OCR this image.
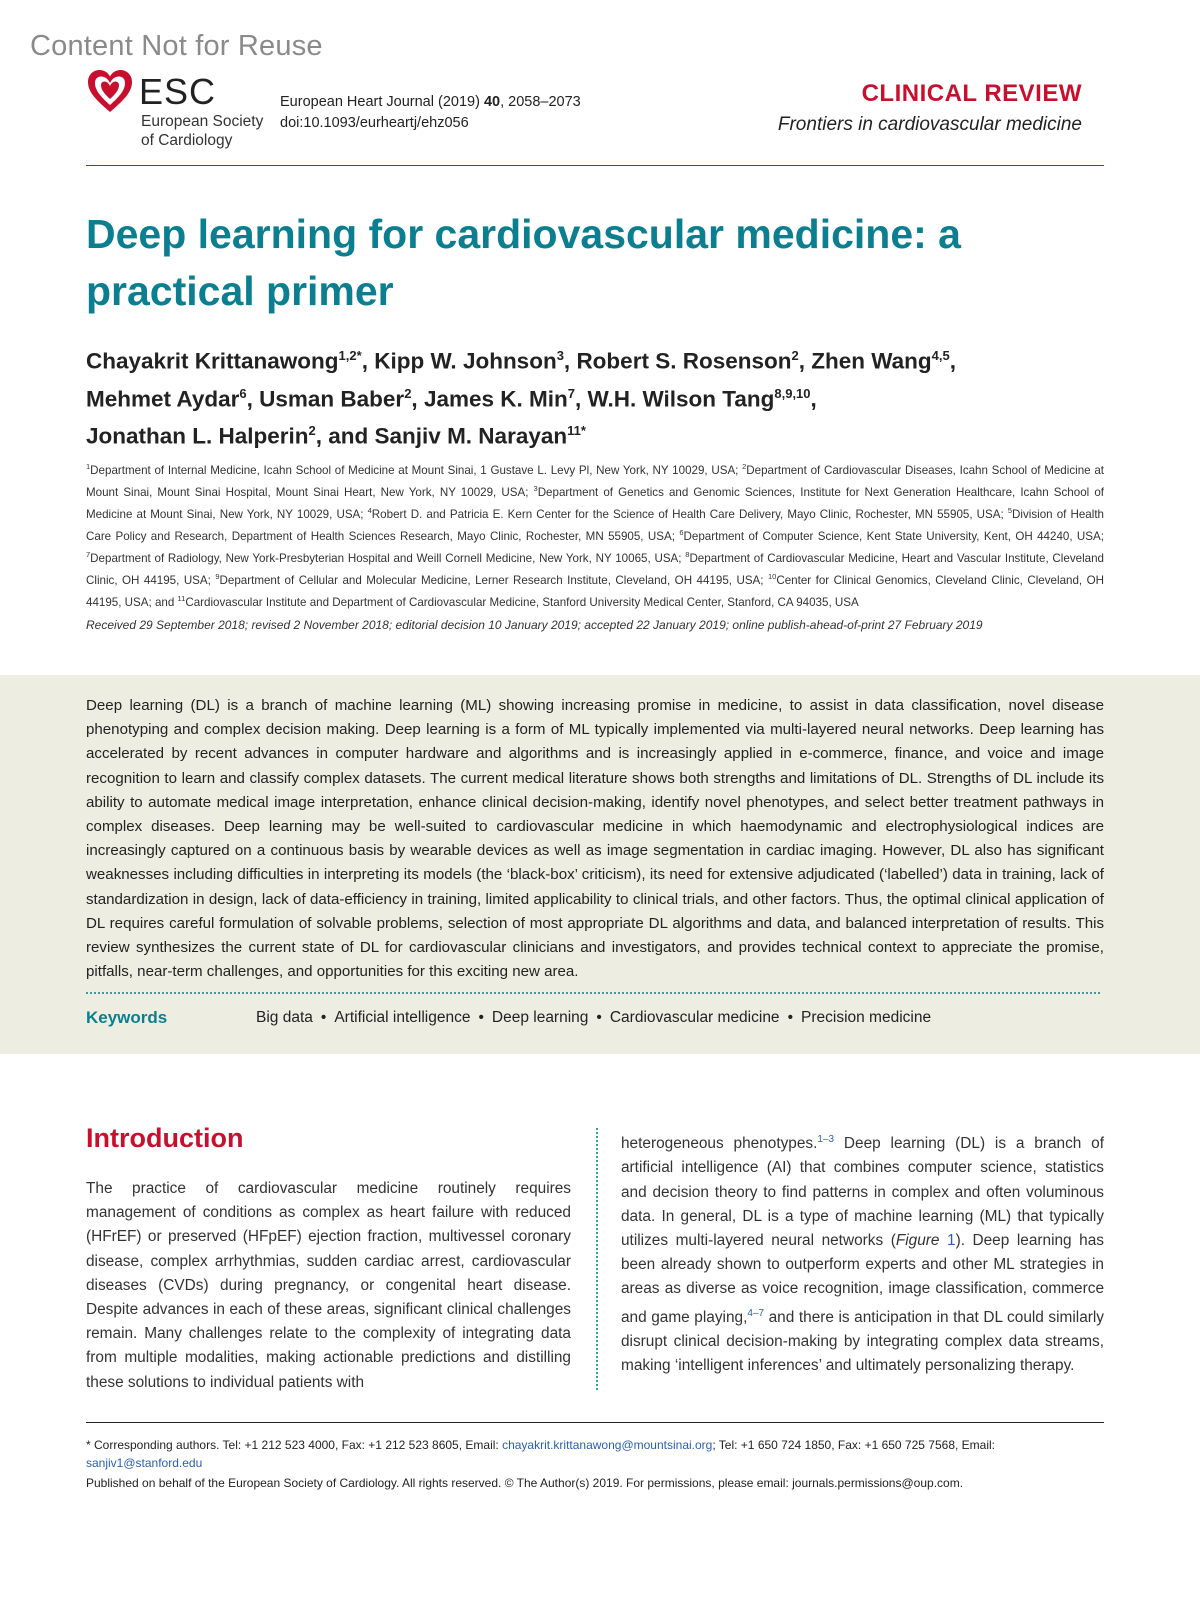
Content Not for Reuse
ESC
European Society
of Cardiology
European Heart Journal (2019) 40, 2058–2073
doi:10.1093/eurheartj/ehz056
CLINICAL REVIEW
Frontiers in cardiovascular medicine
Deep learning for cardiovascular medicine: a practical primer
Chayakrit Krittanawong$^{1,2*}$, Kipp W. Johnson$^3$, Robert S. Rosenson$^2$, Zhen Wang$^{4,5}$,
Mehmet Aydar$^6$, Usman Baber$^2$, James K. Min$^7$, W.H. Wilson Tang$^{8,9,10}$,
Jonathan L. Halperin$^2$, and Sanjiv M. Narayan$^{11*}$
$^1$Department of Internal Medicine, Icahn School of Medicine at Mount Sinai, 1 Gustave L. Levy Pl, New York, NY 10029, USA; $^2$Department of Cardiovascular Diseases, Icahn School of Medicine at Mount Sinai, Mount Sinai Hospital, Mount Sinai Heart, New York, NY 10029, USA; $^3$Department of Genetics and Genomic Sciences, Institute for Next Generation Healthcare, Icahn School of Medicine at Mount Sinai, New York, NY 10029, USA; $^4$Robert D. and Patricia E. Kern Center for the Science of Health Care Delivery, Mayo Clinic, Rochester, MN 55905, USA; $^5$Division of Health Care Policy and Research, Department of Health Sciences Research, Mayo Clinic, Rochester, MN 55905, USA; $^6$Department of Computer Science, Kent State University, Kent, OH 44240, USA; $^7$Department of Radiology, New York-Presbyterian Hospital and Weill Cornell Medicine, New York, NY 10065, USA; $^8$Department of Cardiovascular Medicine, Heart and Vascular Institute, Cleveland Clinic, OH 44195, USA; $^9$Department of Cellular and Molecular Medicine, Lerner Research Institute, Cleveland, OH 44195, USA; $^{10}$Center for Clinical Genomics, Cleveland Clinic, Cleveland, OH 44195, USA; and $^{11}$Cardiovascular Institute and Department of Cardiovascular Medicine, Stanford University Medical Center, Stanford, CA 94035, USA
Received 29 September 2018; revised 2 November 2018; editorial decision 10 January 2019; accepted 22 January 2019; online publish-ahead-of-print 27 February 2019
Deep learning (DL) is a branch of machine learning (ML) showing increasing promise in medicine, to assist in data classification, novel disease phenotyping and complex decision making. Deep learning is a form of ML typically implemented via multi-layered neural networks. Deep learning has accelerated by recent advances in computer hardware and algorithms and is increasingly applied in e-commerce, finance, and voice and image recognition to learn and classify complex datasets. The current medical literature shows both strengths and limitations of DL. Strengths of DL include its ability to automate medical image interpretation, enhance clinical decision-making, identify novel phenotypes, and select better treatment pathways in complex diseases. Deep learning may be well-suited to cardiovascular medicine in which haemodynamic and electrophysiological indices are increasingly captured on a continuous basis by wearable devices as well as image segmentation in cardiac imaging. However, DL also has significant weaknesses including difficulties in interpreting its models (the ‘black-box’ criticism), its need for extensive adjudicated (‘labelled’) data in training, lack of standardization in design, lack of data-efficiency in training, limited applicability to clinical trials, and other factors. Thus, the optimal clinical application of DL requires careful formulation of solvable problems, selection of most appropriate DL algorithms and data, and balanced interpretation of results. This review synthesizes the current state of DL for cardiovascular clinicians and investigators, and provides technical context to appreciate the promise, pitfalls, near-term challenges, and opportunities for this exciting new area.
Keywords	Big data • Artificial intelligence • Deep learning • Cardiovascular medicine • Precision medicine
Introduction
The practice of cardiovascular medicine routinely requires management of conditions as complex as heart failure with reduced (HFrEF) or preserved (HFpEF) ejection fraction, multivessel coronary disease, complex arrhythmias, sudden cardiac arrest, cardiovascular diseases (CVDs) during pregnancy, or congenital heart disease. Despite advances in each of these areas, significant clinical challenges remain. Many challenges relate to the complexity of integrating data from multiple modalities, making actionable predictions and distilling these solutions to individual patients with
heterogeneous phenotypes.$^{1-3}$ Deep learning (DL) is a branch of artificial intelligence (AI) that combines computer science, statistics and decision theory to find patterns in complex and often voluminous data. In general, DL is a type of machine learning (ML) that typically utilizes multi-layered neural networks (Figure 1). Deep learning has been already shown to outperform experts and other ML strategies in areas as diverse as voice recognition, image classification, commerce and game playing,$^{4-7}$ and there is anticipation in that DL could similarly disrupt clinical decision-making by integrating complex data streams, making ‘intelligent inferences’ and ultimately personalizing therapy.
* Corresponding authors. Tel: +1 212 523 4000, Fax: +1 212 523 8605, Email: chayakrit.krittanawong@mountsinai.org; Tel: +1 650 724 1850, Fax: +1 650 725 7568, Email: sanjiv1@stanford.edu
Published on behalf of the European Society of Cardiology. All rights reserved. © The Author(s) 2019. For permissions, please email: journals.permissions@oup.com.
